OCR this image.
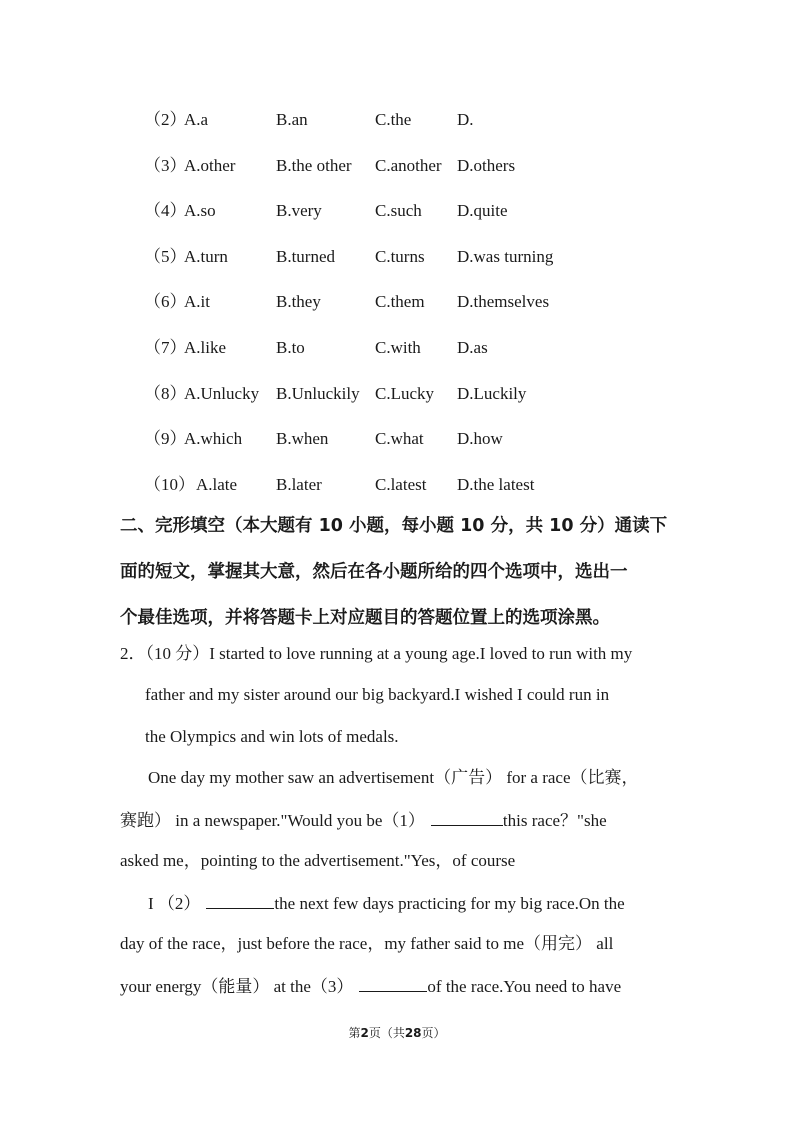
（2）
A.a	B.an	C.the	D.
（3）
A.other B.the other C.another D.others
（4）
A.so	B.very	C.such D.quite
（5）
A.turn	B.turned C.turns D.was turning
（6）
A.it	B.they	C.them D.themselves
（7）
A.like	B.to	C.with D.as
（8）
A.Unlucky B.Unluckily C.Lucky D.Luckily
（9）
A.which B.when	C.what D.how
（10） A.late B.later	C.latest D.the latest
二、完形填空（本大题有 10 小题，每小题 10 分，共 10 分）通读下
面的短文，掌握其大意，然后在各小题所给的四个选项中，选出一
个最佳选项，并将答题卡上对应题目的答题位置上的选项涂黑。
2．（10 分）I started to love running at a young age.I loved to run with my
father and my sister around our big backyard.I wished I could run in
the Olympics and win lots of medals.
One day my mother saw an advertisement（广告） for a race（比赛，
赛跑） in a newspaper."Would you be（1）	this race？"she
asked me，pointing to the advertisement."Yes，of course
I （2）	the next few days practicing for my big race.On the
day of the race，just before the race，my father said to me（用完） all
your energy（能量） at the（3）	of the race.You need to have
第2页（共28页）
